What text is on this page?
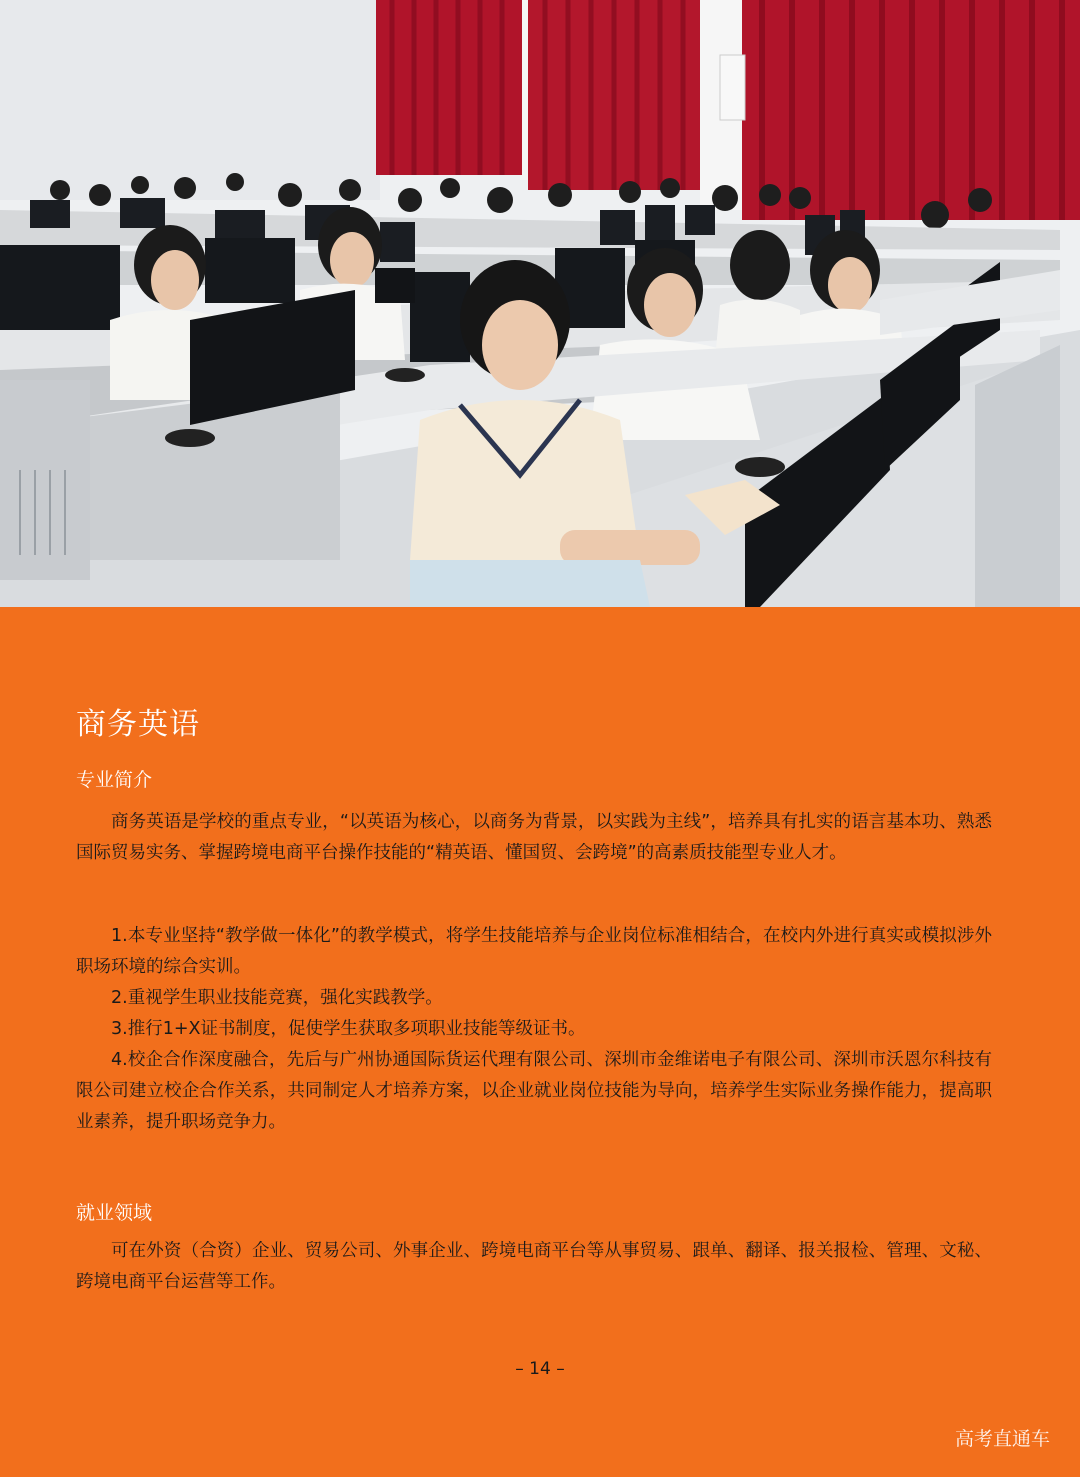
商务英语
专业简介

商务英语是学校的重点专业，“以英语为核心，以商务为背景，以实践为主线”，培养具有扎实的语言基本功、熟悉国际贸易实务、掌握跨境电商平台操作技能的“精英语、懂国贸、会跨境”的高素质技能型专业人才。

1.本专业坚持“教学做一体化”的教学模式，将学生技能培养与企业岗位标准相结合，在校内外进行真实或模拟涉外职场环境的综合实训。
2.重视学生职业技能竞赛，强化实践教学。
3.推行1+X证书制度，促使学生获取多项职业技能等级证书。
4.校企合作深度融合，先后与广州协通国际货运代理有限公司、深圳市金维诺电子有限公司、深圳市沃恩尔科技有限公司建立校企合作关系，共同制定人才培养方案，以企业就业岗位技能为导向，培养学生实际业务操作能力，提高职业素养，提升职场竞争力。
就业领域

可在外资（合资）企业、贸易公司、外事企业、跨境电商平台等从事贸易、跟单、翻译、报关报检、管理、文秘、跨境电商平台运营等工作。

– 14 –
高考直通车
